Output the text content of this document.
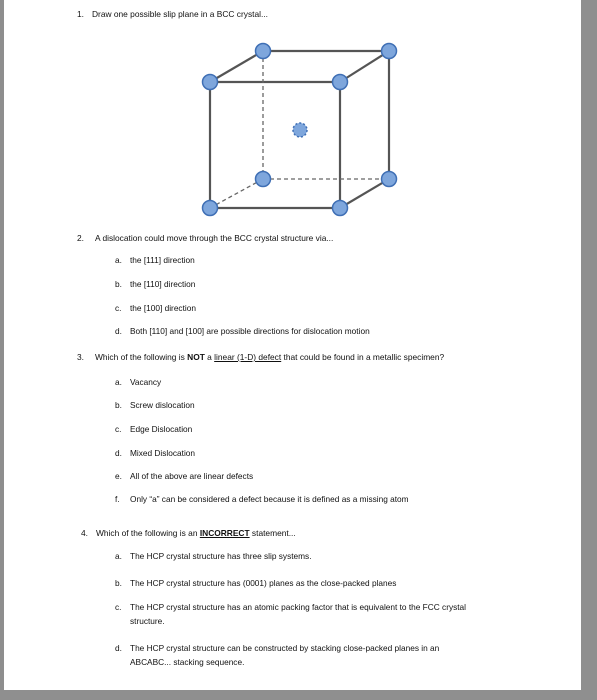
1. Draw one possible slip plane in a BCC crystal...
2. A dislocation could move through the BCC crystal structure via...
a. the [111] direction
b. the [110] direction
c. the [100] direction
d. Both [110] and [100] are possible directions for dislocation motion
3. Which of the following is NOT a linear (1-D) defect that could be found in a metallic specimen?
a. Vacancy
b. Screw dislocation
c. Edge Dislocation
d. Mixed Dislocation
e. All of the above are linear defects
f. Only “a” can be considered a defect because it is defined as a missing atom
4. Which of the following is an INCORRECT statement...
a. The HCP crystal structure has three slip systems.
b. The HCP crystal structure has (0001) planes as the close-packed planes
c. The HCP crystal structure has an atomic packing factor that is equivalent to the FCC crystal
structure.
d. The HCP crystal structure can be constructed by stacking close-packed planes in an
ABCABC... stacking sequence.
